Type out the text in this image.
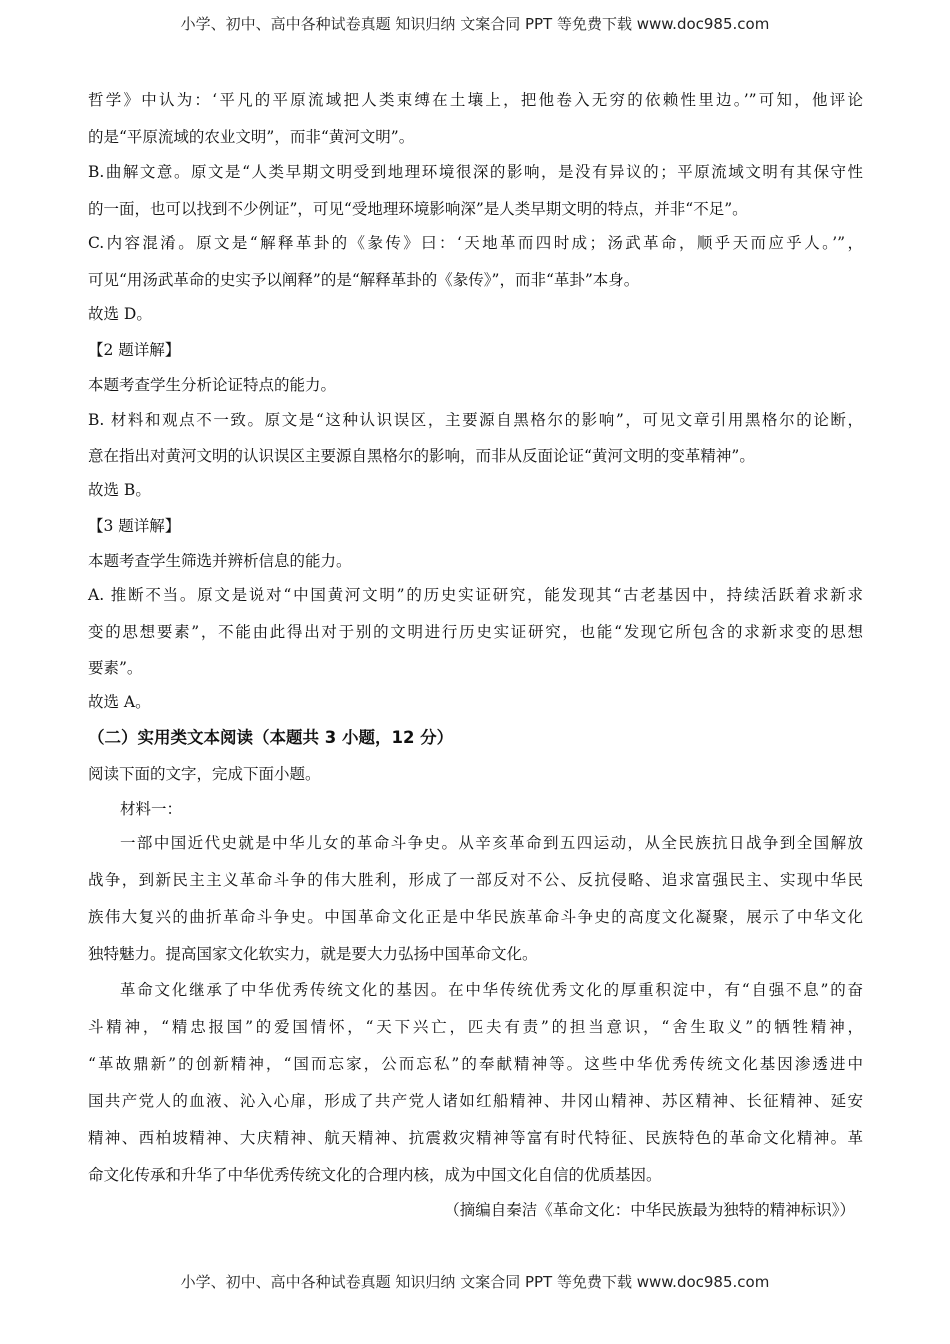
小学、初中、高中各种试卷真题 知识归纳 文案合同 PPT 等免费下载 www.doc985.com
哲学》中认为：‘平凡的平原流域把人类束缚在土壤上，把他卷入无穷的依赖性里边。’”可知，他评论
的是“平原流域的农业文明”，而非“黄河文明”。
B.曲解文意。原文是“人类早期文明受到地理环境很深的影响，是没有异议的；平原流域文明有其保守性
的一面，也可以找到不少例证”，可见“受地理环境影响深”是人类早期文明的特点，并非“不足”。
C.内容混淆。原文是“解释革卦的《彖传》曰：‘天地革而四时成；汤武革命，顺乎天而应乎人。’”，
可见“用汤武革命的史实予以阐释”的是“解释革卦的《彖传》”，而非“革卦”本身。
故选 D。
【2 题详解】
本题考查学生分析论证特点的能力。
B. 材料和观点不一致。原文是“这种认识误区，主要源自黑格尔的影响”，可见文章引用黑格尔的论断，
意在指出对黄河文明的认识误区主要源自黑格尔的影响，而非从反面论证“黄河文明的变革精神”。
故选 B。
【3 题详解】
本题考查学生筛选并辨析信息的能力。
A. 推断不当。原文是说对“中国黄河文明”的历史实证研究，能发现其“古老基因中，持续活跃着求新求
变的思想要素”，不能由此得出对于别的文明进行历史实证研究，也能“发现它所包含的求新求变的思想
要素”。
故选 A。
（二）实用类文本阅读（本题共 3 小题，12 分）
阅读下面的文字，完成下面小题。
材料一：
一部中国近代史就是中华儿女的革命斗争史。从辛亥革命到五四运动，从全民族抗日战争到全国解放
战争，到新民主主义革命斗争的伟大胜利，形成了一部反对不公、反抗侵略、追求富强民主、实现中华民
族伟大复兴的曲折革命斗争史。中国革命文化正是中华民族革命斗争史的高度文化凝聚，展示了中华文化
独特魅力。提高国家文化软实力，就是要大力弘扬中国革命文化。
革命文化继承了中华优秀传统文化的基因。在中华传统优秀文化的厚重积淀中，有“自强不息”的奋
斗精神，“精忠报国”的爱国情怀，“天下兴亡，匹夫有责”的担当意识，“舍生取义”的牺牲精神，
“革故鼎新”的创新精神，“国而忘家，公而忘私”的奉献精神等。这些中华优秀传统文化基因渗透进中
国共产党人的血液、沁入心扉，形成了共产党人诸如红船精神、井冈山精神、苏区精神、长征精神、延安
精神、西柏坡精神、大庆精神、航天精神、抗震救灾精神等富有时代特征、民族特色的革命文化精神。革
命文化传承和升华了中华优秀传统文化的合理内核，成为中国文化自信的优质基因。
（摘编自秦洁《革命文化：中华民族最为独特的精神标识》）
小学、初中、高中各种试卷真题 知识归纳 文案合同 PPT 等免费下载 www.doc985.com
